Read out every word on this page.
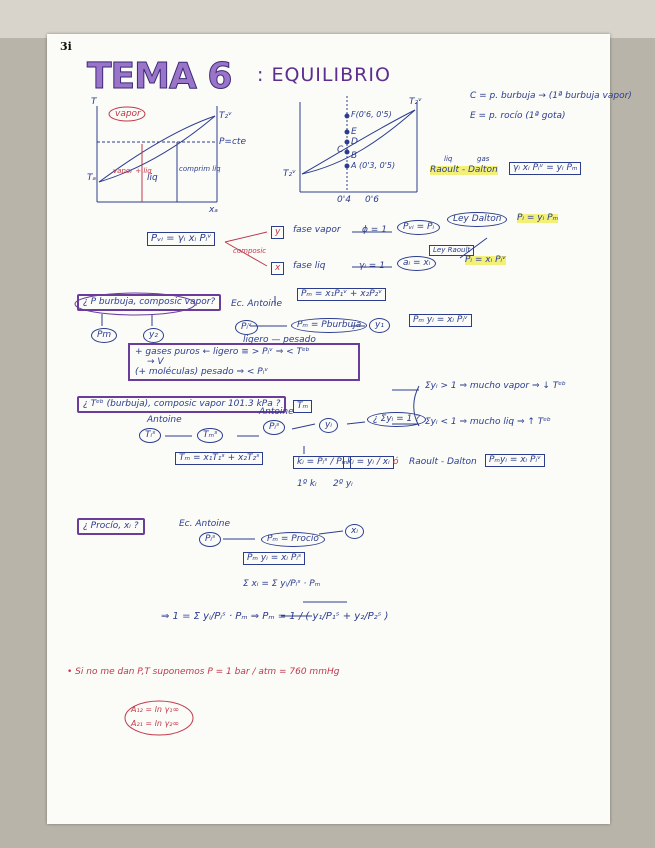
3i
TEMA 6 : EQUILIBRIO
T
vapor	T₂ᵛ
P=cte
vapor + liq
liq
comprim liq
Tₐ
xₐ
F(0'6, 0'5)
T₂ᵛ
E
D
C
B
A (0'3, 0'5)
T₂ᵛ
0'4 0'6
C = p. burbuja → (1ª burbuja vapor)
E = p. rocío (1ª gota)
liq	gas
Raoult - Dalton	γᵢ xᵢ Pᵢᵛ = yᵢ Pₘ
Pᵥᵢ = γᵢ xᵢ Pᵢᵛ
composic
y
x
fase vapor
fase liq
ϕ = 1
γᵢ = 1
Pᵥᵢ = Pᵢ
aᵢ = xᵢ
Ley Dalton
Ley Raoult
Pᵢ = yᵢ Pₘ
Pᵢ = xᵢ Pᵢᵛ
¿ P burbuja, composic vapor?
Pm	y₂
Ec. Antoine
Pₘ = x₁P₁ᵛ + x₂P₂ᵛ
Pᵢᵛ	Pₘ = Pburbuja	y₁	Pₘ yᵢ = xᵢ Pᵢᵛ
ligero — pesado
+ gases puros ← ligero ≡ > Pᵢᵛ ⇒ < Tᵉᵇ
→ V
(+ moléculas) pesado ⇒ < Pᵢᵛ
¿ Tᵉᵇ (burbuja), composic vapor 101.3 kPa ?
Antoine
Antoine
Tₘ
Tᵢˢ	Tₘˢ
Pᵢˢ	yᵢ
¿ Σyᵢ = 1 ?
Tₘ = x₁T₁ˢ + x₂T₂ˢ	kᵢ = Pᵢˢ / Pₘ kᵢ = yᵢ / xᵢ ó
1º kᵢ 2º yᵢ
Σyᵢ > 1 ⇒ mucho vapor ⇒ ↓ Tᵉᵇ
Σyᵢ < 1 ⇒ mucho liq ⇒ ↑ Tᵉᵇ
Raoult - Dalton	Pₘyᵢ = xᵢ Pᵢᵛ
¿ Procío, xᵢ ?	Ec. Antoine
Pᵢˢ	Pₘ = Procío
xᵢ
Pₘ yᵢ = xᵢ Pᵢˢ
Σ xᵢ = Σ yᵢ/Pᵢˢ · Pₘ
⇒ 1 = Σ yᵢ/Pᵢˢ · Pₘ ⇒ Pₘ = 1 / ( y₁/P₁ˢ + y₂/P₂ˢ )
• Si no me dan P,T suponemos P = 1 bar / atm = 760 mmHg
A₁₂ = ln γ₁∞
A₂₁ = ln γ₂∞
